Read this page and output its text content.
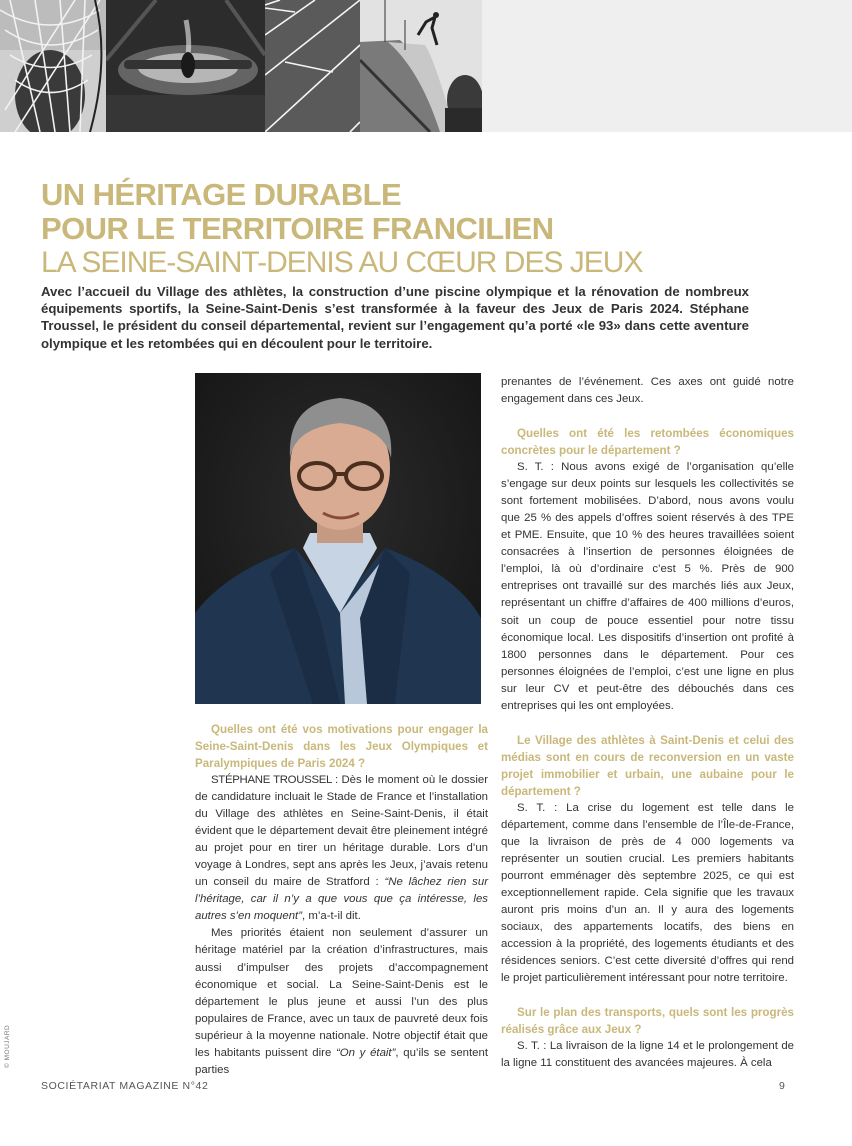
UN HÉRITAGE DURABLE
POUR LE TERRITOIRE FRANCILIEN
LA SEINE-SAINT-DENIS AU CŒUR DES JEUX

Avec l’accueil du Village des athlètes, la construction d’une piscine olympique et la rénovation de nombreux équipements sportifs, la Seine-Saint-Denis s’est transformée à la faveur des Jeux de Paris 2024. Stéphane Troussel, le président du conseil départemental, revient sur l’engagement qu’a porté «le 93» dans cette aventure olympique et les retombées qui en découlent pour le territoire.

Quelles ont été vos motivations pour engager la Seine-Saint-Denis dans les Jeux Olympiques et Paralympiques de Paris 2024 ?

STÉPHANE TROUSSEL : Dès le moment où le dossier de candidature incluait le Stade de France et l’installation du Village des athlètes en Seine-Saint-Denis, il était évident que le département devait être pleinement intégré au projet pour en tirer un héritage durable. Lors d’un voyage à Londres, sept ans après les Jeux, j’avais retenu un conseil du maire de Stratford : “Ne lâchez rien sur l’héritage, car il n’y a que vous que ça intéresse, les autres s’en moquent”, m’a-t-il dit.

Mes priorités étaient non seulement d’assurer un héritage matériel par la création d’infrastructures, mais aussi d’impulser des projets d’accompagnement économique et social. La Seine-Saint-Denis est le département le plus jeune et aussi l’un des plus populaires de France, avec un taux de pauvreté deux fois supérieur à la moyenne nationale. Notre objectif était que les habitants puissent dire “On y était”, qu’ils se sentent parties

prenantes de l’événement. Ces axes ont guidé notre engagement dans ces Jeux.

Quelles ont été les retombées économiques concrètes pour le département ?

S. T. : Nous avons exigé de l’organisation qu’elle s’engage sur deux points sur lesquels les collectivités se sont fortement mobilisées. D’abord, nous avons voulu que 25 % des appels d’offres soient réservés à des TPE et PME. Ensuite, que 10 % des heures travaillées soient consacrées à l’insertion de personnes éloignées de l’emploi, là où d’ordinaire c’est 5 %. Près de 900 entreprises ont travaillé sur des marchés liés aux Jeux, représentant un chiffre d’affaires de 400 millions d’euros, soit un coup de pouce essentiel pour notre tissu économique local. Les dispositifs d’insertion ont profité à 1800 personnes dans le département. Pour ces personnes éloignées de l’emploi, c’est une ligne en plus sur leur CV et peut-être des débouchés dans ces entreprises qui les ont employées.

Le Village des athlètes à Saint-Denis et celui des médias sont en cours de reconversion en un vaste projet immobilier et urbain, une aubaine pour le département ?

S. T. : La crise du logement est telle dans le département, comme dans l’ensemble de l’Île-de-France, que la livraison de près de 4 000 logements va représenter un soutien crucial. Les premiers habitants pourront emménager dès septembre 2025, ce qui est exceptionnellement rapide. Cela signifie que les travaux auront pris moins d’un an. Il y aura des logements sociaux, des appartements locatifs, des biens en accession à la propriété, des logements étudiants et des résidences seniors. C’est cette diversité d’offres qui rend le projet particulièrement intéressant pour notre territoire.

Sur le plan des transports, quels sont les progrès réalisés grâce aux Jeux ?

S. T. : La livraison de la ligne 14 et le prolongement de la ligne 11 constituent des avancées majeures. À cela

© MOUJARD
SOCIÉTARIAT MAGAZINE N°42	9
